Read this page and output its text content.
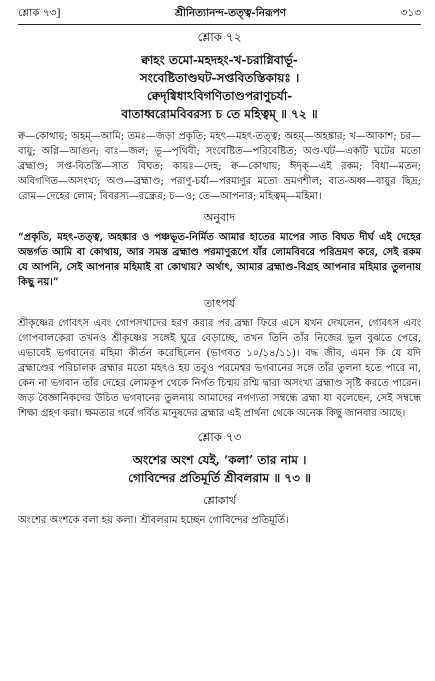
শ্লোক ৭৩]	শ্রীনিত্যানন্দ-তত্ত্ব-নিরূপণ	৩১৩
শ্লোক ৭২
ক্বাহং তমো-মহদহং-খ-চরাগ্নিবার্ভূ-
সংবেষ্টিতাণ্ডঘট-সপ্তবিতস্তিকায়ঃ ।
ক্বেদৃগ্বিধাঽবিগণিতাণ্ডপরাণুচর্যা-
বাতাধ্বরোমবিবরস্য চ তে মহিত্বম্ ॥ ৭২ ॥
ক্ব—কোথায়; অহম্—আমি; তমঃ—জড়া প্রকৃতি; মহৎ—মহৎ-তত্ত্ব; অহম্—অহঙ্কার; খ—আকাশ; চর—বায়ু; অগ্নি—আগুন; বাঃ—জল; ভূ—পৃথিবী; সংবেষ্টিত—পরিবেষ্টিত; অণ্ড-ঘট—একটি ঘটের মতো ব্রহ্মাণ্ড; সপ্ত-বিতস্তি—সাত বিঘত; কায়ঃ—দেহ; ক্ব—কোথায়; ঈদৃক্—এই রকম; বিধা—মতন; অবিগণিত—অসংখ্য; অণ্ড—ব্রহ্মাণ্ড; পরাণু-চর্যা—পরমাণুর মতো ভ্রমণশীল; বাত-অধ্ব—বায়ুর ছিদ্র; রোম—দেহের লোম; বিবরস্য—রন্ধ্রের; চ—ও; তে—আপনার; মহিত্বম্—মহিমা।
অনুবাদ
“প্রকৃতি, মহৎ-তত্ত্ব, অহঙ্কার ও পঞ্চভূত-নির্মিত আমার হাতের মাপের সাত বিঘত দীর্ঘ এই দেহের অন্তর্গত আমি বা কোথায়, আর সমস্ত ব্রহ্মাণ্ড পরমাণুরূপে যাঁর লোমবিবরে পরিভ্রমণ করে, সেই রকম যে আপনি, সেই আপনার মহিমাই বা কোথায়? অর্থাৎ, আমার ব্রহ্মাণ্ড-বিগ্রহ আপনার মহিমার তুলনায় কিছু নয়।”
তাৎপর্য
শ্রীকৃষ্ণের গোবৎস এবং গোপসখাদের হরণ করার পর ব্রহ্মা ফিরে এসে যখন দেখলেন, গোবৎস এবং গোপবালকেরা তখনও শ্রীকৃষ্ণের সঙ্গেই ঘুরে বেড়াচ্ছে, তখন তিনি তাঁর নিজের ভুল বুঝতে পেরে, এভাবেই ভগবানের মহিমা কীর্তন করেছিলেন (ভাগবত ১০/১৪/১১)। বদ্ধ জীব, এমন কি যে যদি ব্রহ্মাণ্ডের পরিচালক ব্রহ্মার মতো মহৎও হয় তবুও পরমেশ্বর ভগবানের সঙ্গে তাঁর তুলনা হতে পারে না, কেন না ভগবান তাঁর দেহের লোমকূপ থেকে নির্গত চিন্ময় রশ্মি দ্বারা অসংখ্য ব্রহ্মাণ্ড সৃষ্টি করতে পারেন। জড় বৈজ্ঞানিকদের উচিত ভগবানের তুলনায় আমাদের নগণ্যতা সম্বন্ধে ব্রহ্মা যা বলেছেন, সেই সম্বন্ধে শিক্ষা গ্রহণ করা। ক্ষমতার গর্বে গর্বিত মানুষদের ব্রহ্মার এই প্রার্থনা থেকে অনেক কিছু জানবার আছে।
শ্লোক ৭৩
অংশের অংশ যেই, ‘কলা’ তার নাম ।
গোবিন্দের প্রতিমূর্তি শ্রীবলরাম ॥ ৭৩ ॥
শ্লোকার্থ
অংশের অংশকে বলা হয় কলা। শ্রীবলরাম হচ্ছেন গোবিন্দের প্রতিমূর্তি।
